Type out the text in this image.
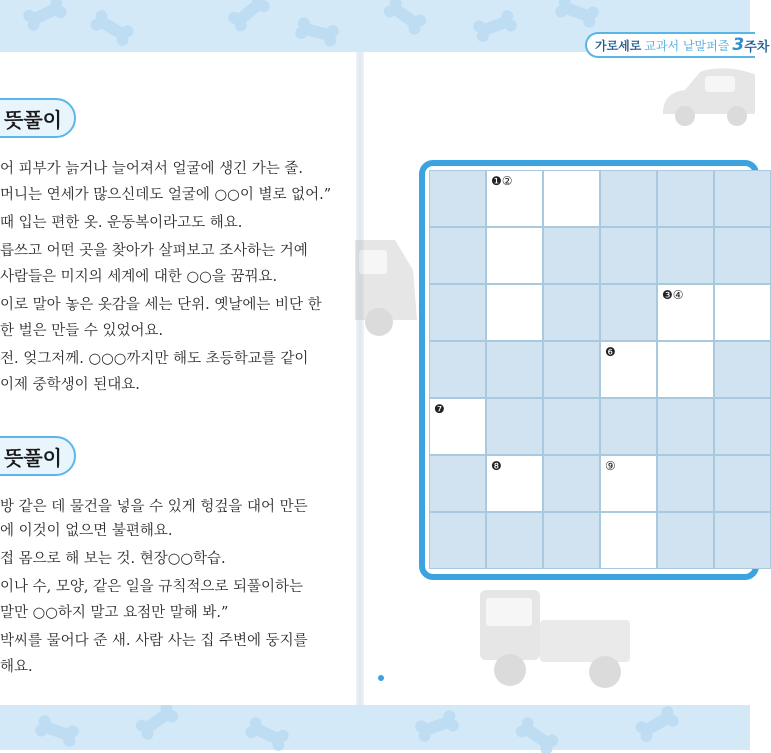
가로세로 교과서 낱말퍼즐 3 주차
뜻풀이
어 피부가 늙거나 늘어져서 얼굴에 생긴 가는 줄.
머니는 연세가 많으신데도 얼굴에 ○○이 별로 없어.”
때 입는 편한 옷. 운동복이라고도 해요.
릅쓰고 어떤 곳을 찾아가 살펴보고 조사하는 거예
사람들은 미지의 세계에 대한 ○○을 꿈꿔요.
이로 말아 놓은 옷감을 세는 단위. 옛날에는 비단 한
한 벌은 만들 수 있었어요.
전. 엊그저께. ○○○까지만 해도 초등학교를 같이
이제 중학생이 된대요.
뜻풀이
방 같은 데 물건을 넣을 수 있게 헝겊을 대어 만든
에 이것이 없으면 불편해요.
접 몸으로 해 보는 것. 현장○○학습.
이나 수, 모양, 같은 일을 규칙적으로 되풀이하는
말만 ○○하지 말고 요점만 말해 봐.”
박씨를 물어다 준 새. 사람 사는 집 주변에 둥지를
해요.
❶②
❸④
❻
❼
❽	⑨
